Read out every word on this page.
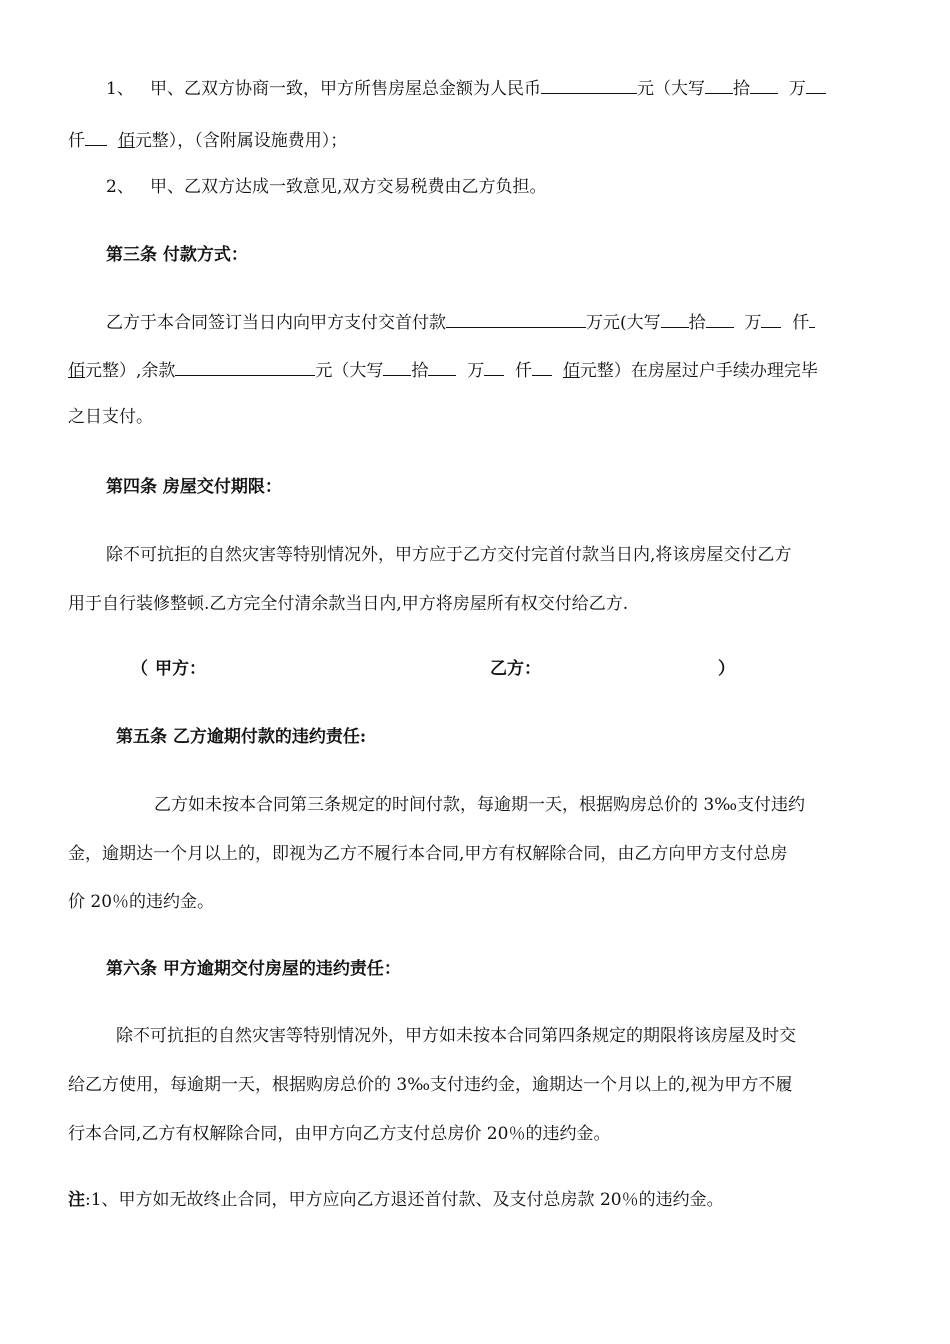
1、 甲、乙双方协商一致，甲方所售房屋总金额为人民币	元（大写 拾 万
仟 佰元整），（含附属设施费用）；
2、 甲、乙双方达成一致意见,双方交易税费由乙方负担。
第三条 付款方式：
乙方于本合同签订当日内向甲方支付交首付款	万元(大写 拾 万 仟
佰元整）,余款	元（大写 拾 万 仟 佰元整）在房屋过户手续办理完毕
之日支付。
第四条 房屋交付期限：
除不可抗拒的自然灾害等特别情况外，甲方应于乙方交付完首付款当日内,将该房屋交付乙方
用于自行装修整顿.乙方完全付清余款当日内,甲方将房屋所有权交付给乙方.
（ 甲方：	乙方：	）
第五条 乙方逾期付款的违约责任:
乙方如未按本合同第三条规定的时间付款，每逾期一天，根据购房总价的 3‰支付违约
金，逾期达一个月以上的，即视为乙方不履行本合同,甲方有权解除合同，由乙方向甲方支付总房
价 20％的违约金。
第六条 甲方逾期交付房屋的违约责任：
除不可抗拒的自然灾害等特别情况外，甲方如未按本合同第四条规定的期限将该房屋及时交
给乙方使用，每逾期一天，根据购房总价的 3‰支付违约金，逾期达一个月以上的,视为甲方不履
行本合同,乙方有权解除合同，由甲方向乙方支付总房价 20％的违约金。
注:1、甲方如无故终止合同，甲方应向乙方退还首付款、及支付总房款 20％的违约金。
